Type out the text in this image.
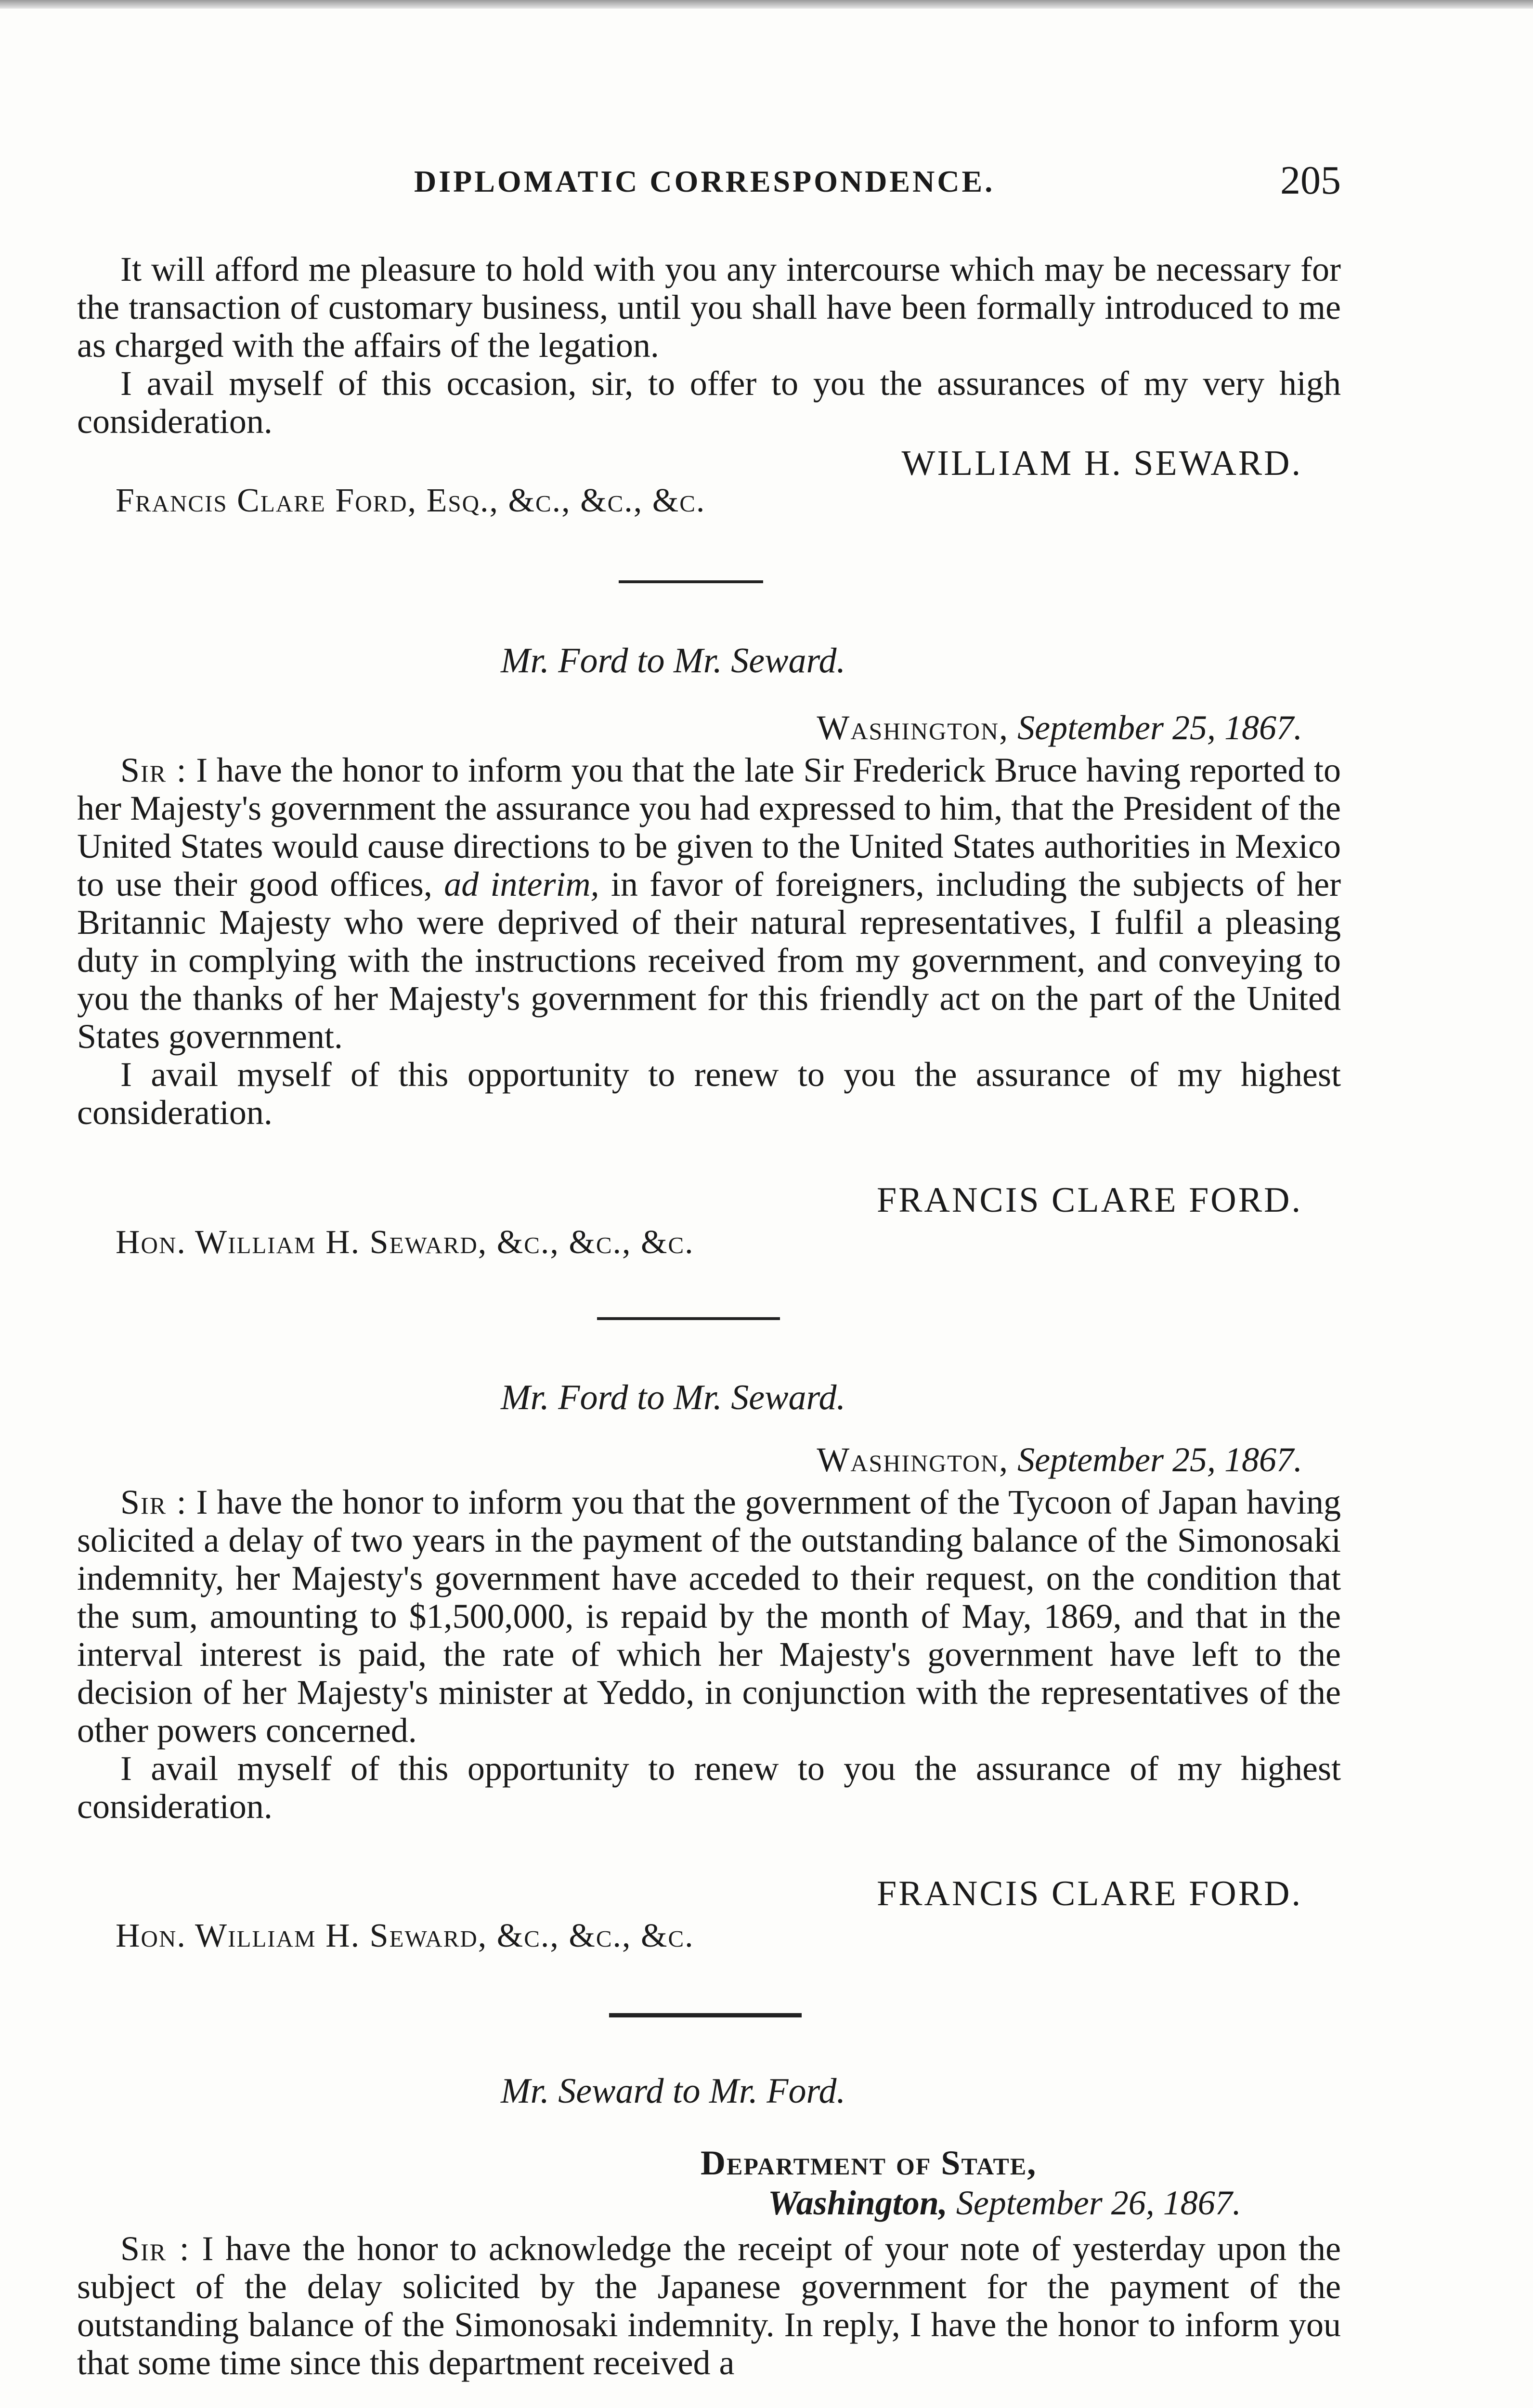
DIPLOMATIC CORRESPONDENCE.	205

It will afford me pleasure to hold with you any intercourse which may be necessary for the transaction of customary business, until you shall have been formally introduced to me as charged with the affairs of the legation.

I avail myself of this occasion, sir, to offer to you the assurances of my very high consideration.

WILLIAM H. SEWARD.

Francis Clare Ford, Esq., &c., &c., &c.

Mr. Ford to Mr. Seward.

Washington, September 25, 1867.

Sir : I have the honor to inform you that the late Sir Frederick Bruce having reported to her Majesty's government the assurance you had expressed to him, that the President of the United States would cause directions to be given to the United States authorities in Mexico to use their good offices, ad interim, in favor of foreigners, including the subjects of her Britannic Majesty who were deprived of their natural representatives, I fulfil a pleasing duty in complying with the instructions received from my government, and conveying to you the thanks of her Majesty's government for this friendly act on the part of the United States government.

I avail myself of this opportunity to renew to you the assurance of my highest consideration.

FRANCIS CLARE FORD.

Hon. William H. Seward, &c., &c., &c.

Mr. Ford to Mr. Seward.

Washington, September 25, 1867.

Sir : I have the honor to inform you that the government of the Tycoon of Japan having solicited a delay of two years in the payment of the outstanding balance of the Simonosaki indemnity, her Majesty's government have acceded to their request, on the condition that the sum, amounting to $1,500,000, is repaid by the month of May, 1869, and that in the interval interest is paid, the rate of which her Majesty's government have left to the decision of her Majesty's minister at Yeddo, in conjunction with the representatives of the other powers concerned.

I avail myself of this opportunity to renew to you the assurance of my highest consideration.

FRANCIS CLARE FORD.

Hon. William H. Seward, &c., &c., &c.

Mr. Seward to Mr. Ford.

Department of State,
Washington, September 26, 1867.

Sir : I have the honor to acknowledge the receipt of your note of yesterday upon the subject of the delay solicited by the Japanese government for the payment of the outstanding balance of the Simonosaki indemnity. In reply, I have the honor to inform you that some time since this department received a
